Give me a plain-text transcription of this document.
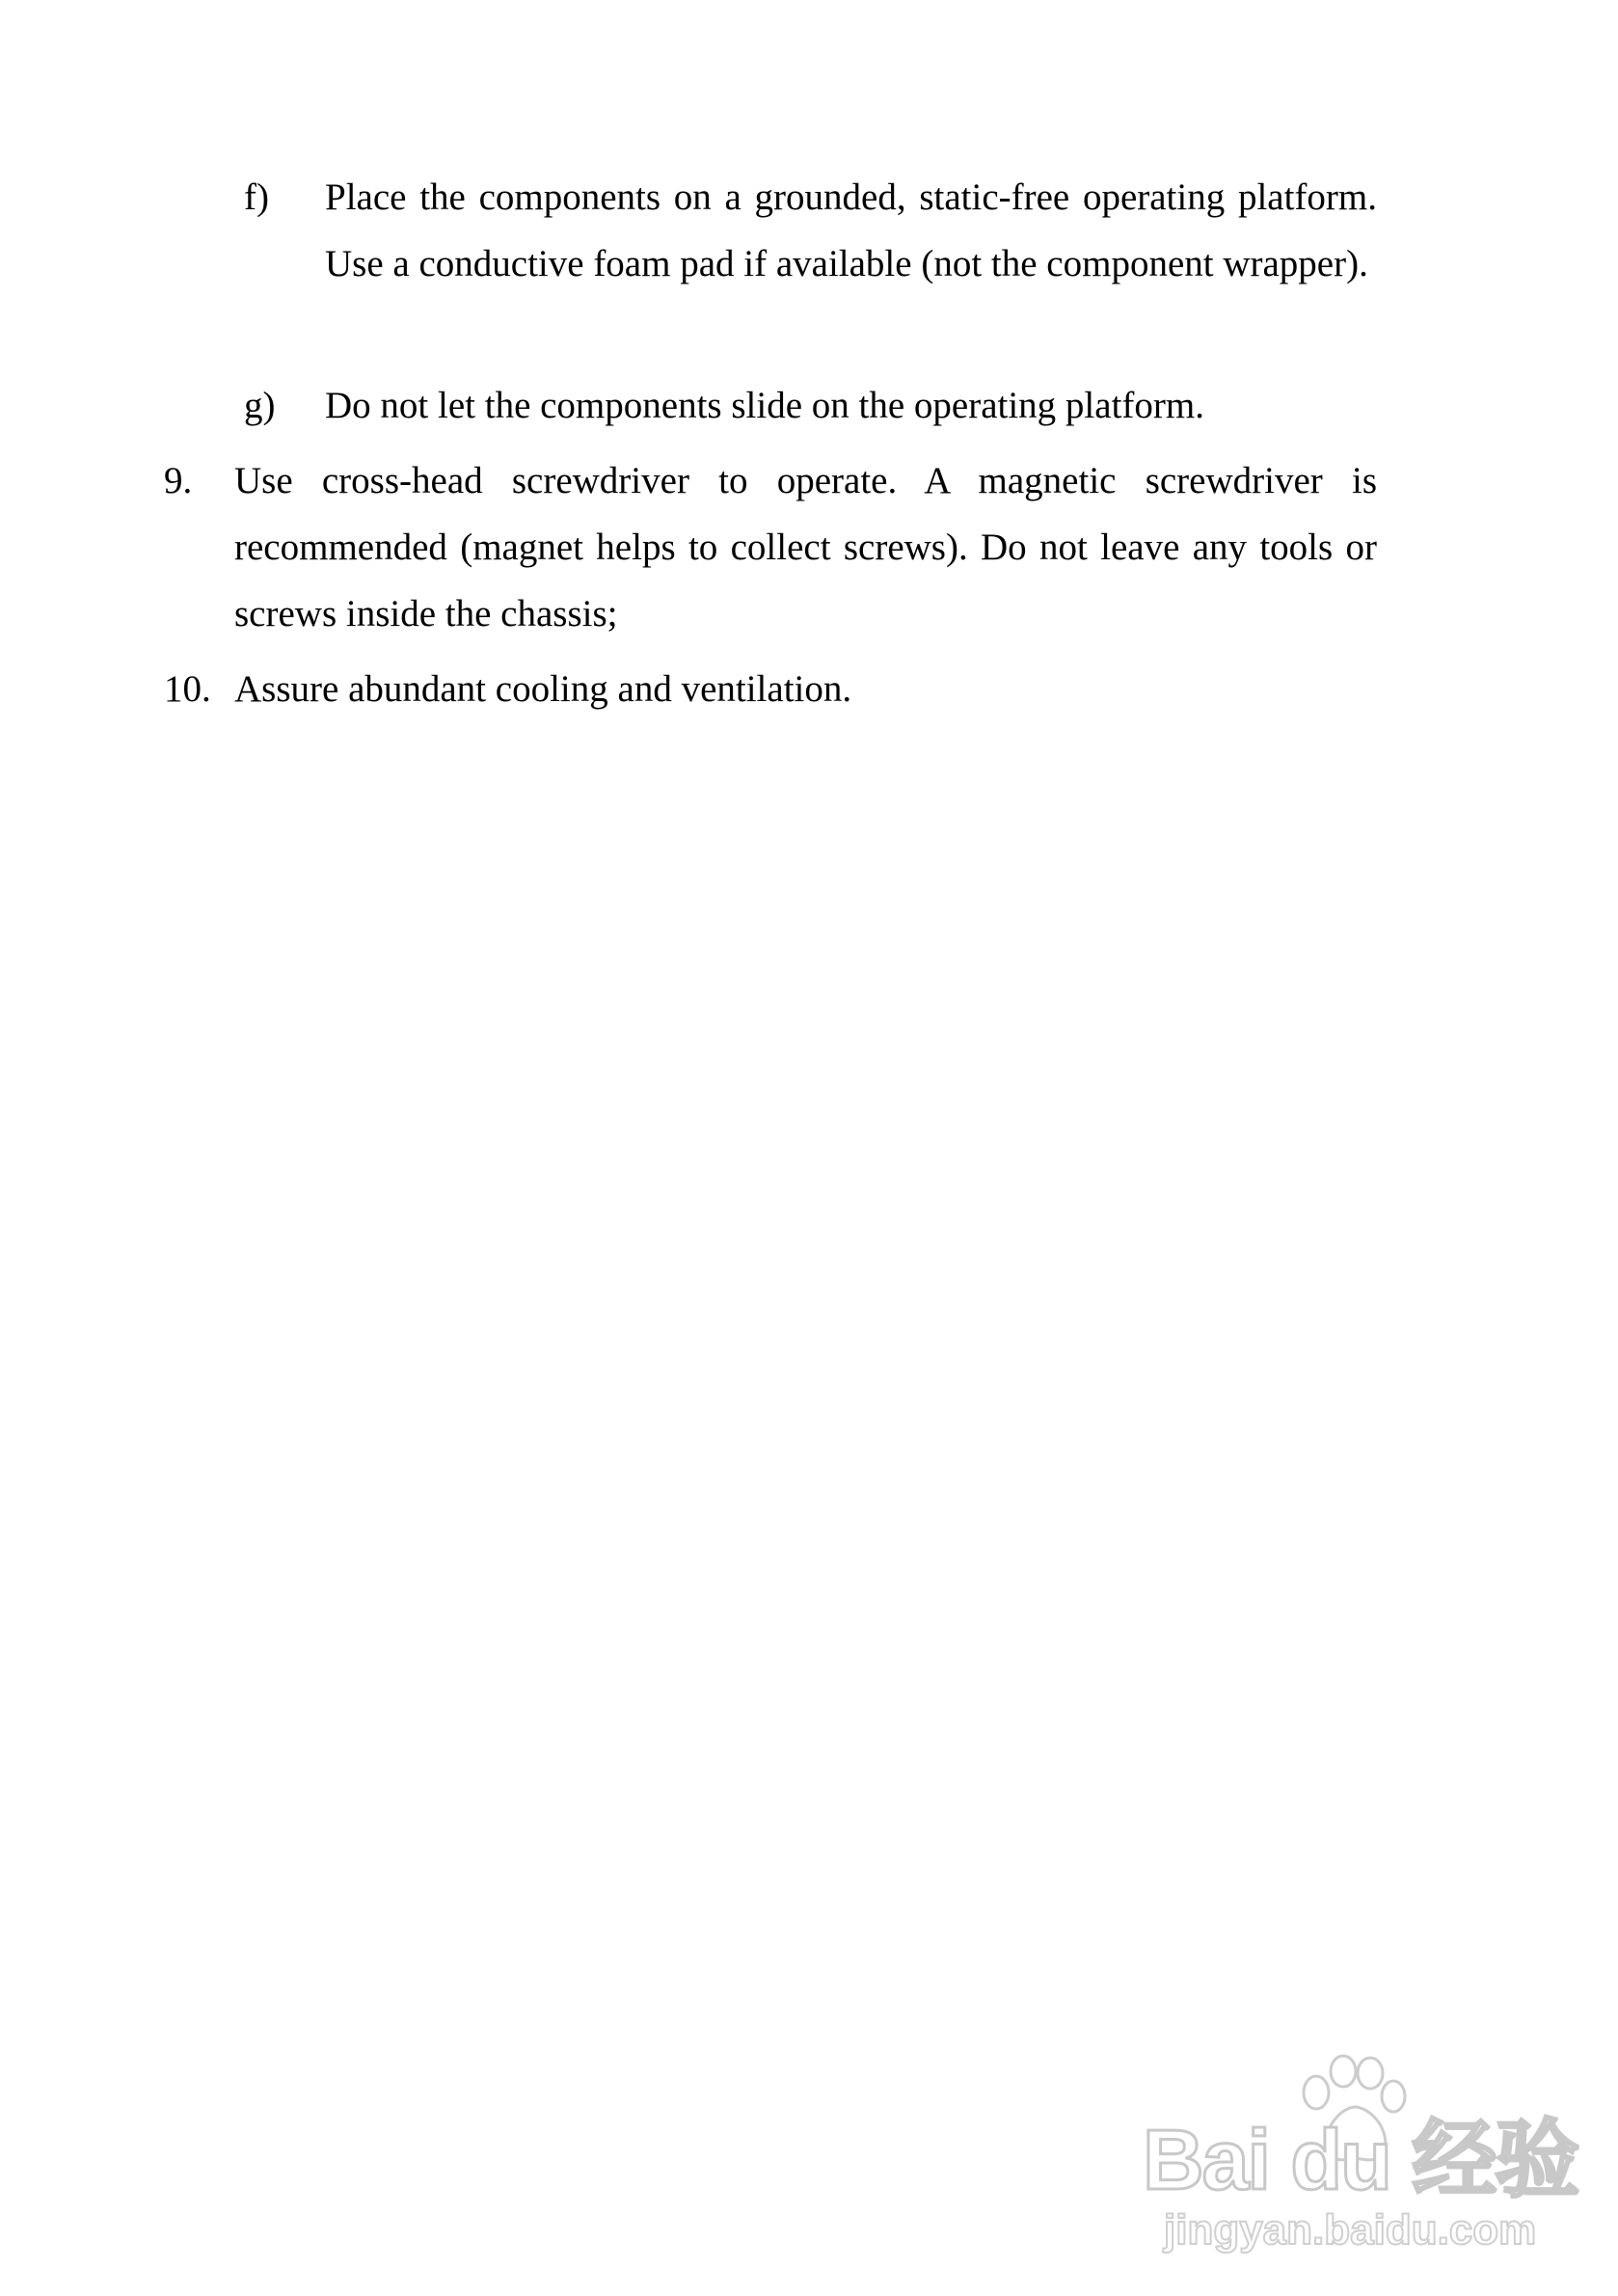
f) Place the components on a grounded, static-free operating platform. Use a conductive foam pad if available (not the component wrapper).
g) Do not let the components slide on the operating platform.
9. Use cross-head screwdriver to operate. A magnetic screwdriver is recommended (magnet helps to collect screws). Do not leave any tools or screws inside the chassis;
10. Assure abundant cooling and ventilation.
Bai du 经验
jingyan.baidu.com
